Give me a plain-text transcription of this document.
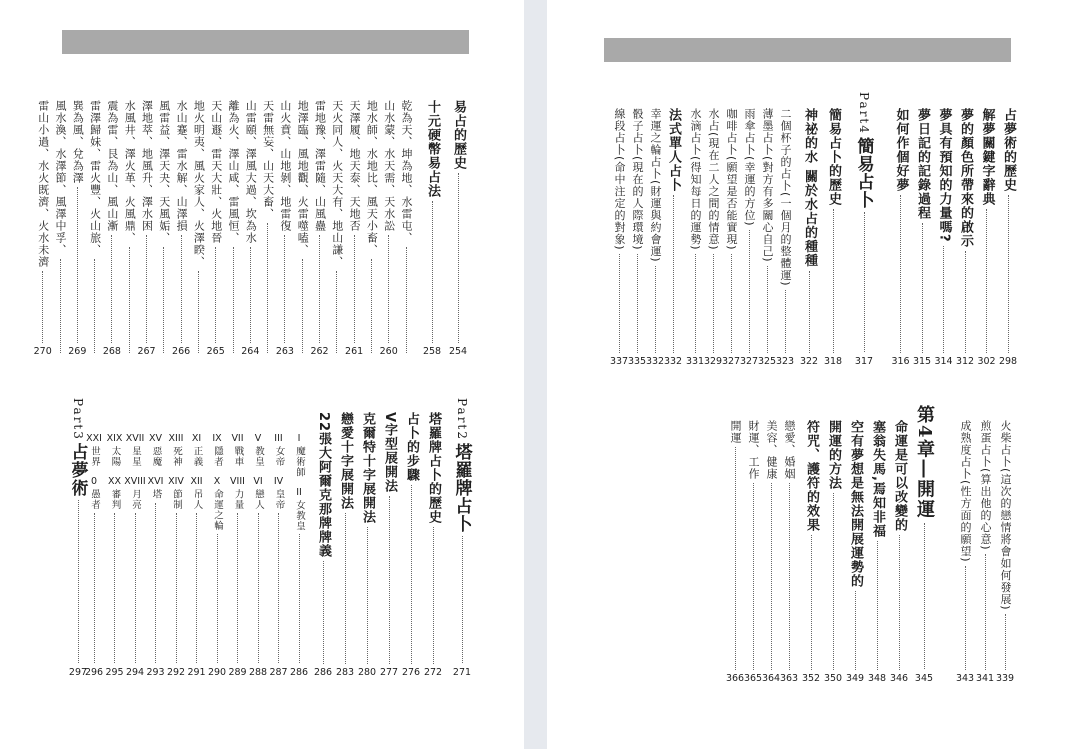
易占的歷史
254
十元硬幣易占法
258
乾為天、坤為地、水雷屯、
山水蒙、水天需、天水訟
260
地水師、水地比、風天小畜、
天澤履、地天泰、天地否
261
天火同人、火天大有、地山謙、
雷地豫、澤雷隨、山風蠱
262
地澤臨、風地觀、火雷噬嗑、
山火賁、山地剝、地雷復
263
天雷無妄、山天大畜、
山雷頤、澤風大過、坎為水
264
離為火、澤山咸、雷風恒、
天山遯、雷天大壯、火地晉
265
地火明夷、風火家人、火澤睽、
水山蹇、雷水解、山澤損
266
風雷益、澤天夬、天風姤、
澤地萃、地風升、澤水困
267
水風井、澤火革、火風鼎、
震為雷、艮為山、風山漸
268
雷澤歸妹、雷火豐、火山旅、
巽為風、兌為澤
269
風水渙、水澤節、風澤中孚、
雷山小過、水火既濟、火水未濟
270
Part2
塔羅牌占卜
271
塔羅牌占卜的歷史
272
占卜的步驟
276
V字型展開法
277
克爾特十字展開法
280
戀愛十字展開法
283
22張大阿爾克那牌牌義
286
I
魔術師
II
女教皇
286
III
女帝
IV
皇帝
287
V
教皇
VI
戀人
288
VII
戰車
VIII
力量
289
IX
隱者
X
命運之輪
290
XI
正義
XII
吊人
291
XIII
死神
XIV
節制
292
XV
惡魔
XVI
塔
293
XVII
星星
XVIII
月亮
294
XIX
太陽
XX
審判
295
XXI
世界
0
愚者
296
Part3
占夢術
297
占夢術的歷史
298
解夢關鍵字辭典
302
夢的顏色所帶來的啟示
312
夢具有預知的力量嗎?
314
夢日記的記錄過程
315
如何作個好夢
316
Part4
簡易占卜
317
簡易占卜的歷史
318
神祕的水 關於水占的種種
322
二個杯子的占卜(一個月的整體運)
323
薄墨占卜(對方有多關心自己)
325
雨傘占卜(幸運的方位)
327
咖啡占卜(願望是否能實現)
327
水占(現在二人之間的情意)
329
水滴占卜(得知每日的運勢)
331
法式單人占卜
332
幸運之輪占卜(財運與約會運)
332
骰子占卜(現在的人際環境)
335
線段占卜(命中注定的對象)
337
火柴占卜(這次的戀情將會如何發展)
339
煎蛋占卜(算出他的心意)
341
成熟度占卜(性方面的願望)
343
第4章―開運
345
命運是可以改變的
346
塞翁失馬,焉知非福
348
空有夢想是無法開展運勢的
349
開運的方法
350
符咒、護符的效果
352
戀愛、婚姻
363
美容、健康
364
財運、工作
365
開運
366
